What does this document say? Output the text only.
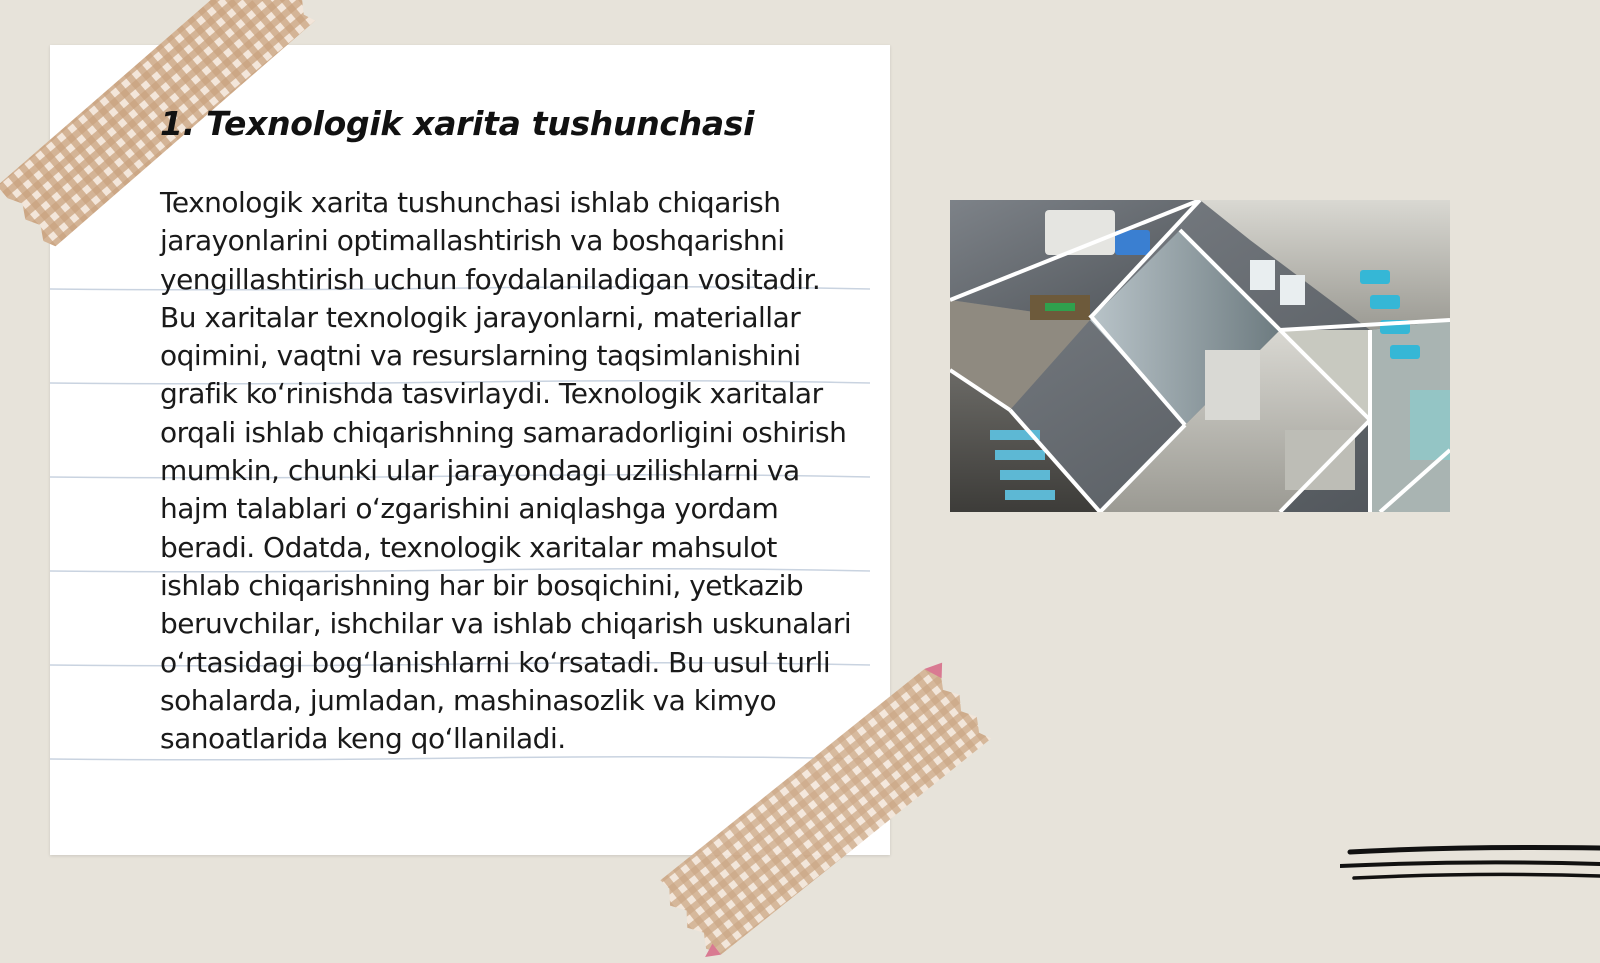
1. Texnologik xarita tushunchasi

Texnologik xarita tushunchasi ishlab chiqarish jarayonlarini optimallashtirish va boshqarishni yengillashtirish uchun foydalaniladigan vositadir. Bu xaritalar texnologik jarayonlarni, materiallar oqimini, vaqtni va resurslarning taqsimlanishini grafik koʻrinishda tasvirlaydi. Texnologik xaritalar orqali ishlab chiqarishning samaradorligini oshirish mumkin, chunki ular jarayondagi uzilishlarni va hajm talablari oʻzgarishini aniqlashga yordam beradi. Odatda, texnologik xaritalar mahsulot ishlab chiqarishning har bir bosqichini, yetkazib beruvchilar, ishchilar va ishlab chiqarish uskunalari oʻrtasidagi bogʻlanishlarni koʻrsatadi. Bu usul turli sohalarda, jumladan, mashinasozlik va kimyo sanoatlarida keng qoʻllaniladi.
